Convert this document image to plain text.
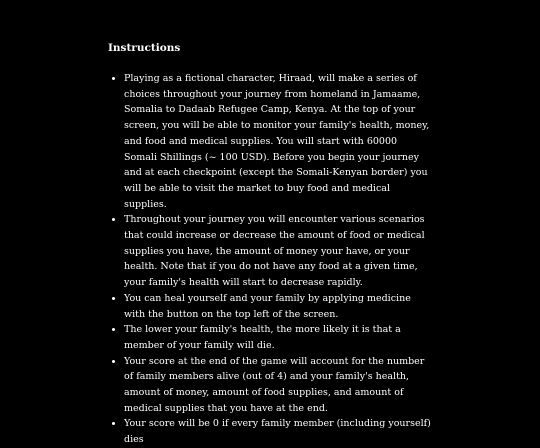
Instructions
• Playing as a fictional character, Hiraad, will make a series of choices throughout your journey from homeland in Jamaame, Somalia to Dadaab Refugee Camp, Kenya. At the top of your screen, you will be able to monitor your family's health, money, and food and medical supplies. You will start with 60000 Somali Shillings (~ 100 USD). Before you begin your journey and at each checkpoint (except the Somali-Kenyan border) you will be able to visit the market to buy food and medical supplies.
• Throughout your journey you will encounter various scenarios that could increase or decrease the amount of food or medical supplies you have, the amount of money your have, or your health. Note that if you do not have any food at a given time, your family's health will start to decrease rapidly.
• You can heal yourself and your family by applying medicine with the button on the top left of the screen.
• The lower your family's health, the more likely it is that a member of your family will die.
• Your score at the end of the game will account for the number of family members alive (out of 4) and your family's health, amount of money, amount of food supplies, and amount of medical supplies that you have at the end.
• Your score will be 0 if every family member (including yourself) dies
